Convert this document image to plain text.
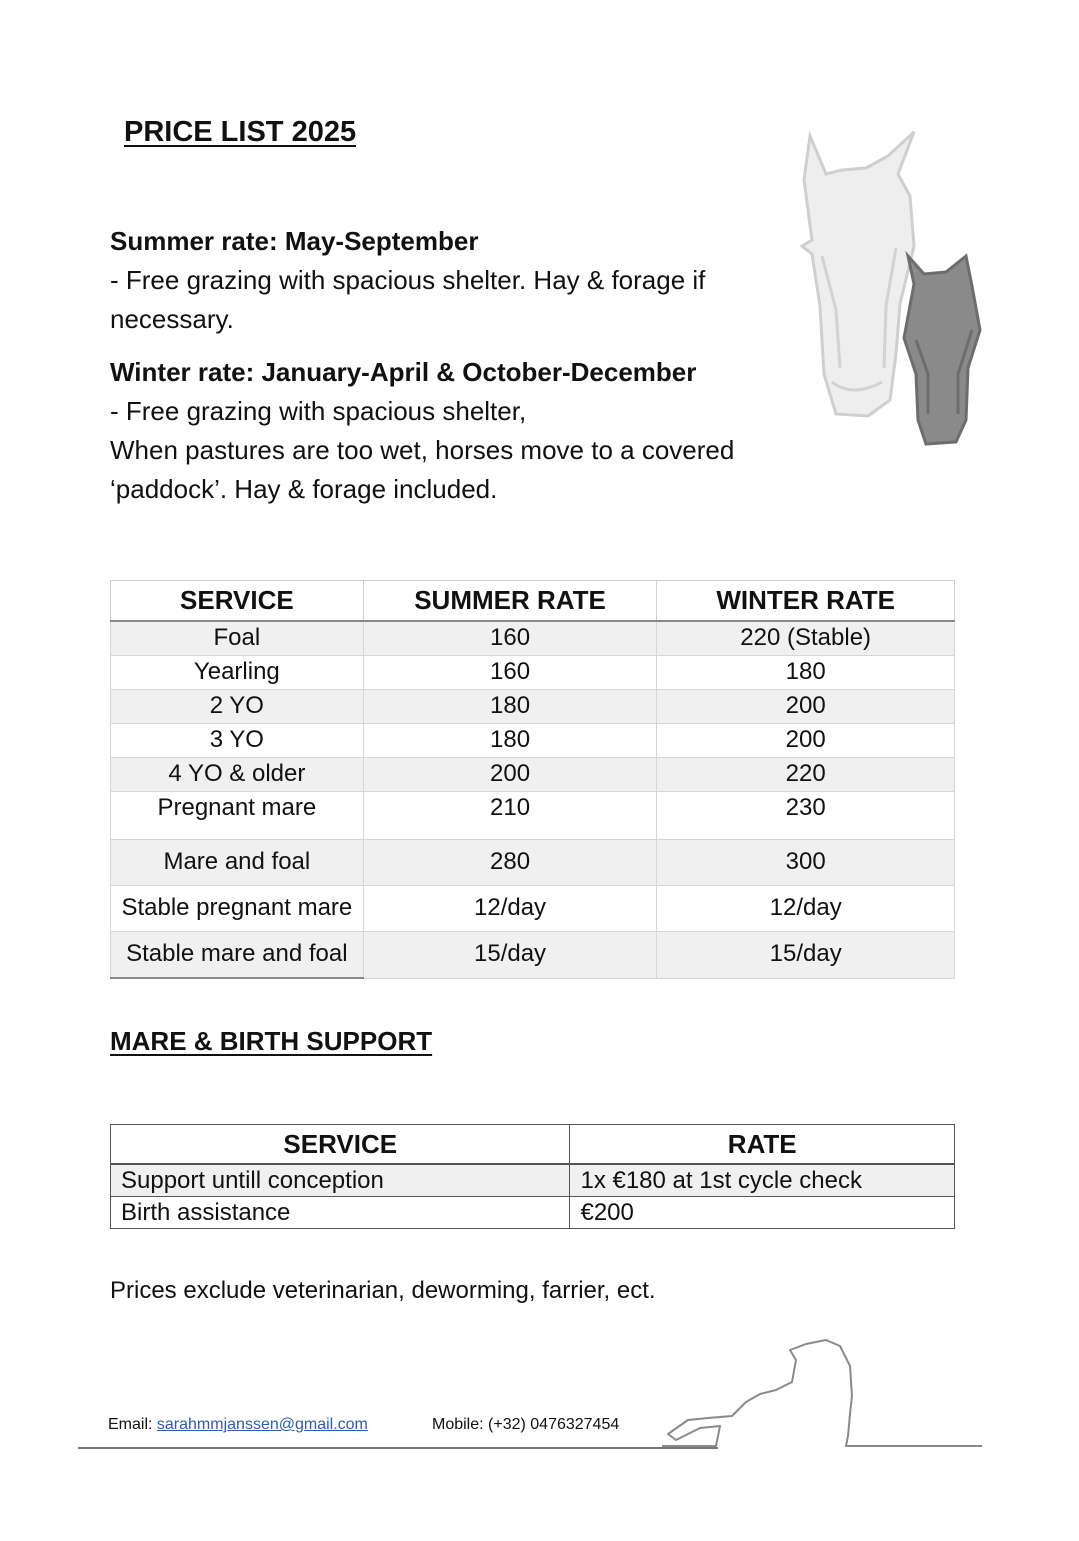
PRICE LIST 2025

Summer rate: May-September

- Free grazing with spacious shelter. Hay & forage if necessary.

Winter rate: January-April & October-December

- Free grazing with spacious shelter,

When pastures are too wet, horses move to a covered ‘paddock’. Hay & forage included.

SERVICE	SUMMER RATE	WINTER RATE
Foal	160	220 (Stable)
Yearling	160	180
2 YO	180	200
3 YO	180	200
4 YO & older	200	220
Pregnant mare	210	230
Mare and foal	280	300
Stable pregnant mare	12/day	12/day
Stable mare and foal	15/day	15/day
MARE & BIRTH SUPPORT
SERVICE	RATE
Support untill conception	1x €180 at 1st cycle check
Birth assistance	€200

Prices exclude veterinarian, deworming, farrier, ect.

Email: sarahmmjanssen@gmail.com	Mobile: (+32) 0476327454
